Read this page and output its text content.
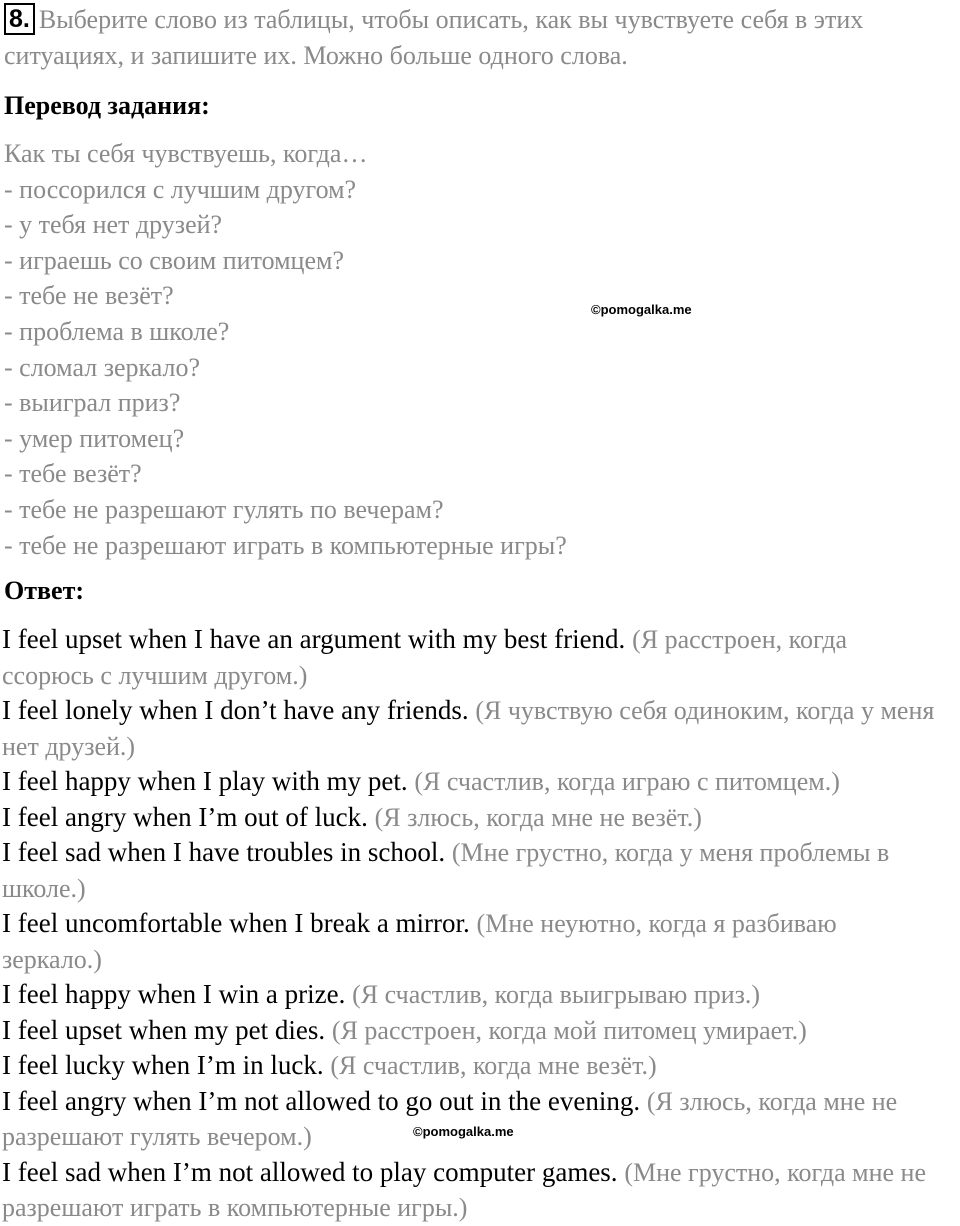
8. Выберите слово из таблицы, чтобы описать, как вы чувствуете себя в этих ситуациях, и запишите их. Можно больше одного слова.
Перевод задания:
Как ты себя чувствуешь, когда…
- поссорился с лучшим другом?
- у тебя нет друзей?
- играешь со своим питомцем?
- тебе не везёт?
- проблема в школе?
- сломал зеркало?
- выиграл приз?
- умер питомец?
- тебе везёт?
- тебе не разрешают гулять по вечерам?
- тебе не разрешают играть в компьютерные игры?
©pomogalka.me
Ответ:
I feel upset when I have an argument with my best friend. (Я расстроен, когда ссорюсь с лучшим другом.)
I feel lonely when I don’t have any friends. (Я чувствую себя одиноким, когда у меня нет друзей.)
I feel happy when I play with my pet. (Я счастлив, когда играю с питомцем.)
I feel angry when I’m out of luck. (Я злюсь, когда мне не везёт.)
I feel sad when I have troubles in school. (Мне грустно, когда у меня проблемы в школе.)
I feel uncomfortable when I break a mirror. (Мне неуютно, когда я разбиваю зеркало.)
I feel happy when I win a prize. (Я счастлив, когда выигрываю приз.)
I feel upset when my pet dies. (Я расстроен, когда мой питомец умирает.)
I feel lucky when I’m in luck. (Я счастлив, когда мне везёт.)
I feel angry when I’m not allowed to go out in the evening. (Я злюсь, когда мне не разрешают гулять вечером.)
I feel sad when I’m not allowed to play computer games. (Мне грустно, когда мне не разрешают играть в компьютерные игры.)
©pomogalka.me
